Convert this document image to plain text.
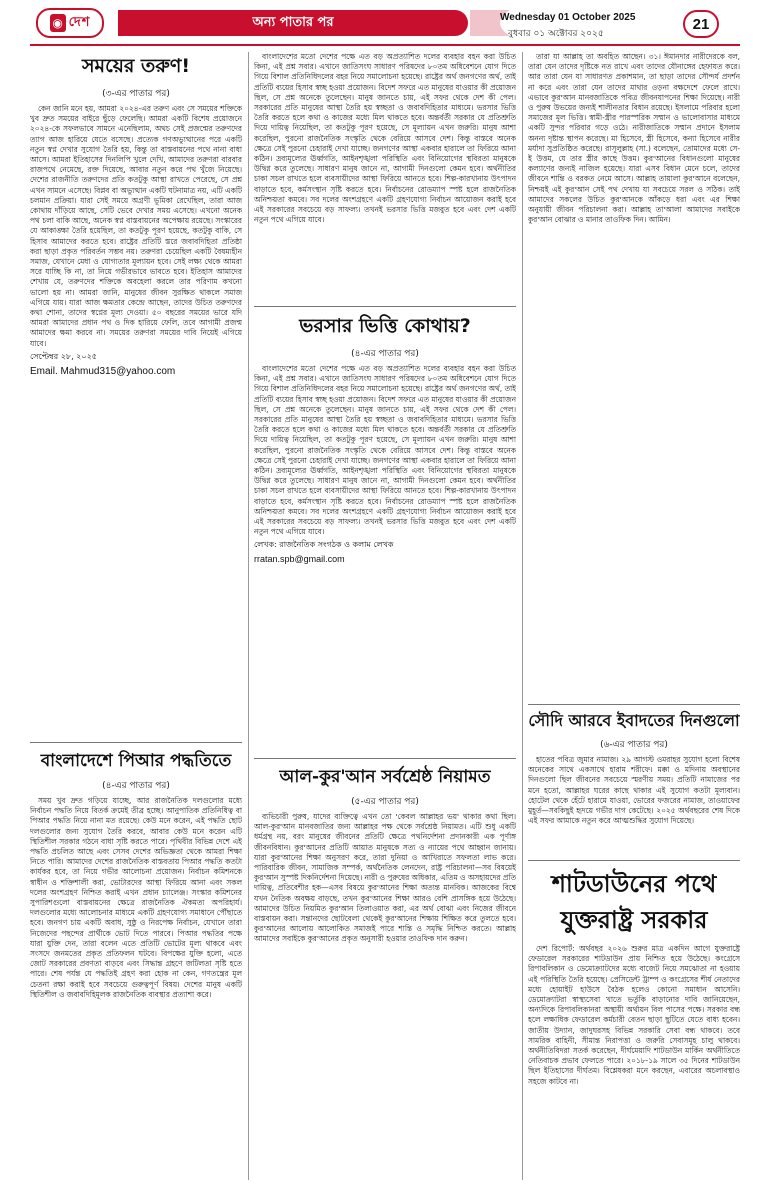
◉ দেশ	অন্য পাতার পর	Wednesday 01 October 2025
বুধবার ০১ অক্টোবর ২০২৫
21
সময়ের তরুণ!
(৩-এর পাতার পর)

কেন জানি মনে হয়, আমরা ২০২৪-এর তরুণ এবং সে সময়ের শক্তিকে খুব দ্রুত সময়ের বাইরে ছুঁড়ে ফেলেছি। আমরা একটি বিশেষ প্রয়োজনে ২০২৪-কে সফলভাবে সামনে এনেছিলাম, অথচ সেই প্রজন্মের তরুণদের ত্যাগ আজ হারিয়ে যেতে বসেছে। প্রত্যেক গণঅভ্যুত্থানের পরে একটি নতুন স্বপ্ন দেখার সুযোগ তৈরি হয়, কিন্তু তা বাস্তবায়নের পথে নানা বাধা আসে। আমরা ইতিহাসের দিনলিপি খুলে দেখি, আমাদের তরুণরা বারবার রাজপথে নেমেছে, রক্ত দিয়েছে, আবার নতুন করে পথ খুঁজে নিয়েছে। দেশের রাজনীতি তরুণদের প্রতি কতটুকু আস্থা রাখতে পেরেছে, সে প্রশ্ন এখন সামনে এসেছে। বিপ্লব বা অভ্যুত্থান একটি ঘটনামাত্র নয়, এটি একটি চলমান প্রক্রিয়া। যারা সেই সময়ে অগ্রণী ভূমিকা রেখেছিল, তারা আজ কোথায় দাঁড়িয়ে আছে, সেটি ভেবে দেখার সময় এসেছে। এখনো অনেক পথ চলা বাকি আছে, অনেক স্বপ্ন বাস্তবায়নের অপেক্ষায় রয়েছে। সংস্কারের যে আকাঙ্ক্ষা তৈরি হয়েছিল, তা কতটুকু পূরণ হয়েছে, কতটুকু বাকি, সে হিসাব আমাদের করতে হবে। রাষ্ট্রের প্রতিটি স্তরে জবাবদিহিতা প্রতিষ্ঠা করা ছাড়া প্রকৃত পরিবর্তন সম্ভব নয়। তরুণরা চেয়েছিল একটি বৈষম্যহীন সমাজ, যেখানে মেধা ও যোগ্যতার মূল্যায়ন হবে। সেই লক্ষ্য থেকে আমরা সরে যাচ্ছি কি না, তা নিয়ে গভীরভাবে ভাবতে হবে। ইতিহাস আমাদের শেখায় যে, তরুণদের শক্তিকে অবহেলা করলে তার পরিণাম কখনো ভালো হয় না। আমরা জানি, মানুষের জীবন সুরক্ষিত থাকলে সমাজ এগিয়ে যায়। যারা আজ ক্ষমতার কেন্দ্রে আছেন, তাদের উচিত তরুণদের কথা শোনা, তাদের স্বপ্নের মূল্য দেওয়া। ৫০ বছরের সময়ের ভারে যদি আমরা আমাদের প্রধান পথ ও দিক হারিয়ে ফেলি, তবে আগামী প্রজন্ম আমাদের ক্ষমা করবে না। সময়ের তরুণরা সময়ের দাবি নিয়েই এগিয়ে যাবে।

সেপ্টেম্বর ২৮, ২০২৫
Email. Mahmud315@yahoo.com
বাংলাদেশে পিআর পদ্ধতিতে
(৪-এর পাতার পর)

সময় খুব দ্রুত গড়িয়ে যাচ্ছে, আর রাজনৈতিক দলগুলোর মধ্যে নির্বাচন পদ্ধতি নিয়ে বিতর্ক ক্রমেই তীব্র হচ্ছে। আনুপাতিক প্রতিনিধিত্ব বা পিআর পদ্ধতি নিয়ে নানা মত রয়েছে। কেউ মনে করেন, এই পদ্ধতি ছোট দলগুলোর জন্য সুযোগ তৈরি করবে, আবার কেউ মনে করেন এটি স্থিতিশীল সরকার গঠনে বাধা সৃষ্টি করতে পারে। পৃথিবীর বিভিন্ন দেশে এই পদ্ধতি প্রচলিত আছে এবং সেসব দেশের অভিজ্ঞতা থেকে আমরা শিক্ষা নিতে পারি। আমাদের দেশের রাজনৈতিক বাস্তবতায় পিআর পদ্ধতি কতটা কার্যকর হবে, তা নিয়ে গভীর আলোচনা প্রয়োজন। নির্বাচন কমিশনকে স্বাধীন ও শক্তিশালী করা, ভোটারদের আস্থা ফিরিয়ে আনা এবং সকল দলের অংশগ্রহণ নিশ্চিত করাই এখন প্রধান চ্যালেঞ্জ। সংস্কার কমিশনের সুপারিশগুলো বাস্তবায়নের ক্ষেত্রে রাজনৈতিক ঐকমত্য অপরিহার্য। দলগুলোর মধ্যে আলোচনার মাধ্যমে একটি গ্রহণযোগ্য সমাধানে পৌঁছাতে হবে। জনগণ চায় একটি অবাধ, সুষ্ঠু ও নিরপেক্ষ নির্বাচন, যেখানে তারা নিজেদের পছন্দের প্রার্থীকে ভোট দিতে পারবে। পিআর পদ্ধতির পক্ষে যারা যুক্তি দেন, তারা বলেন এতে প্রতিটি ভোটের মূল্য থাকবে এবং সংসদে জনমতের প্রকৃত প্রতিফলন ঘটবে। বিপক্ষের যুক্তি হলো, এতে জোট সরকারের প্রবণতা বাড়বে এবং সিদ্ধান্ত গ্রহণে জটিলতা সৃষ্টি হতে পারে। শেষ পর্যন্ত যে পদ্ধতিই গ্রহণ করা হোক না কেন, গণতন্ত্রের মূল চেতনা রক্ষা করাই হবে সবচেয়ে গুরুত্বপূর্ণ বিষয়। দেশের মানুষ একটি স্থিতিশীল ও জবাবদিহিমূলক রাজনৈতিক ব্যবস্থার প্রত্যাশা করে।

ভরসার ভিত্তি কোথায়?
(৪-এর পাতার পর)

বাংলাদেশের মতো দেশের পক্ষে এত বড় অপ্রত্যাশিত দলের ব্যবহার বহন করা উচিত কিনা, এই প্রশ্ন সবার। এখানে জাতিসংঘ সাধারণ পরিষদের ৮০তম অধিবেশনে যোগ দিতে গিয়ে বিশাল প্রতিনিধিদলের বহর নিয়ে সমালোচনা হয়েছে। রাষ্ট্রের অর্থ জনগণের অর্থ, তাই প্রতিটি ব্যয়ের হিসাব স্বচ্ছ হওয়া প্রয়োজন। বিদেশ সফরে এত মানুষের যাওয়ার কী প্রয়োজন ছিল, সে প্রশ্ন অনেকে তুলেছেন। মানুষ জানতে চায়, এই সফর থেকে দেশ কী পেল। সরকারের প্রতি মানুষের আস্থা তৈরি হয় স্বচ্ছতা ও জবাবদিহিতার মাধ্যমে। ভরসার ভিত্তি তৈরি করতে হলে কথা ও কাজের মধ্যে মিল থাকতে হবে। অন্তর্বর্তী সরকার যে প্রতিশ্রুতি দিয়ে দায়িত্ব নিয়েছিল, তা কতটুকু পূরণ হয়েছে, সে মূল্যায়ন এখন জরুরি। মানুষ আশা করেছিল, পুরনো রাজনৈতিক সংস্কৃতি থেকে বেরিয়ে আসবে দেশ। কিন্তু বাস্তবে অনেক ক্ষেত্রে সেই পুরনো চেহারাই দেখা যাচ্ছে। জনগণের আস্থা একবার হারালে তা ফিরিয়ে আনা কঠিন। দ্রব্যমূল্যের ঊর্ধ্বগতি, আইনশৃঙ্খলা পরিস্থিতি এবং বিনিয়োগের স্থবিরতা মানুষকে উদ্বিগ্ন করে তুলেছে। সাধারণ মানুষ জানে না, আগামী দিনগুলো কেমন হবে। অর্থনীতির চাকা সচল রাখতে হলে ব্যবসায়ীদের আস্থা ফিরিয়ে আনতে হবে। শিল্প-কারখানায় উৎপাদন বাড়াতে হবে, কর্মসংস্থান সৃষ্টি করতে হবে। নির্বাচনের রোডম্যাপ স্পষ্ট হলে রাজনৈতিক অনিশ্চয়তা কমবে। সব দলের অংশগ্রহণে একটি গ্রহণযোগ্য নির্বাচন আয়োজন করাই হবে এই সরকারের সবচেয়ে বড় সাফল্য। তখনই ভরসার ভিত্তি মজবুত হবে এবং দেশ একটি নতুন পথে এগিয়ে যাবে।

লেখক: রাজনৈতিক সংগঠক ও কলাম লেখক
rratan.spb@gmail.com

বাংলাদেশের মতো দেশের পক্ষে এত বড় অপ্রত্যাশিত দলের ব্যবহার বহন করা উচিত কিনা, এই প্রশ্ন সবার। এখানে জাতিসংঘ সাধারণ পরিষদের ৮০তম অধিবেশনে যোগ দিতে গিয়ে বিশাল প্রতিনিধিদলের বহর নিয়ে সমালোচনা হয়েছে। রাষ্ট্রের অর্থ জনগণের অর্থ, তাই প্রতিটি ব্যয়ের হিসাব স্বচ্ছ হওয়া প্রয়োজন। বিদেশ সফরে এত মানুষের যাওয়ার কী প্রয়োজন ছিল, সে প্রশ্ন অনেকে তুলেছেন। মানুষ জানতে চায়, এই সফর থেকে দেশ কী পেল। সরকারের প্রতি মানুষের আস্থা তৈরি হয় স্বচ্ছতা ও জবাবদিহিতার মাধ্যমে। ভরসার ভিত্তি তৈরি করতে হলে কথা ও কাজের মধ্যে মিল থাকতে হবে। অন্তর্বর্তী সরকার যে প্রতিশ্রুতি দিয়ে দায়িত্ব নিয়েছিল, তা কতটুকু পূরণ হয়েছে, সে মূল্যায়ন এখন জরুরি। মানুষ আশা করেছিল, পুরনো রাজনৈতিক সংস্কৃতি থেকে বেরিয়ে আসবে দেশ। কিন্তু বাস্তবে অনেক ক্ষেত্রে সেই পুরনো চেহারাই দেখা যাচ্ছে। জনগণের আস্থা একবার হারালে তা ফিরিয়ে আনা কঠিন। দ্রব্যমূল্যের ঊর্ধ্বগতি, আইনশৃঙ্খলা পরিস্থিতি এবং বিনিয়োগের স্থবিরতা মানুষকে উদ্বিগ্ন করে তুলেছে। সাধারণ মানুষ জানে না, আগামী দিনগুলো কেমন হবে। অর্থনীতির চাকা সচল রাখতে হলে ব্যবসায়ীদের আস্থা ফিরিয়ে আনতে হবে। শিল্প-কারখানায় উৎপাদন বাড়াতে হবে, কর্মসংস্থান সৃষ্টি করতে হবে। নির্বাচনের রোডম্যাপ স্পষ্ট হলে রাজনৈতিক অনিশ্চয়তা কমবে। সব দলের অংশগ্রহণে একটি গ্রহণযোগ্য নির্বাচন আয়োজন করাই হবে এই সরকারের সবচেয়ে বড় সাফল্য। তখনই ভরসার ভিত্তি মজবুত হবে এবং দেশ একটি নতুন পথে এগিয়ে যাবে।

আল-কুর'আন সর্বশ্রেষ্ঠ নিয়ামত
(৫-এর পাতার পর)

ব্যভিচারী পুরুষ, যাদের ব্যক্তিত্বে এখন তো 'কেবল আল্লাহর ভয়' থাকার কথা ছিল। আল-কুর'আন মানবজাতির জন্য আল্লাহর পক্ষ থেকে সর্বশ্রেষ্ঠ নিয়ামত। এটি শুধু একটি ধর্মগ্রন্থ নয়, বরং মানুষের জীবনের প্রতিটি ক্ষেত্রে পথনির্দেশনা প্রদানকারী এক পূর্ণাঙ্গ জীবনবিধান। কুর'আনের প্রতিটি আয়াত মানুষকে সত্য ও ন্যায়ের পথে আহ্বান জানায়। যারা কুর'আনের শিক্ষা অনুসরণ করে, তারা দুনিয়া ও আখিরাতে সফলতা লাভ করে। পারিবারিক জীবন, সামাজিক সম্পর্ক, অর্থনৈতিক লেনদেন, রাষ্ট্র পরিচালনা—সব বিষয়েই কুর'আন সুস্পষ্ট দিকনির্দেশনা দিয়েছে। নারী ও পুরুষের অধিকার, এতিম ও অসহায়দের প্রতি দায়িত্ব, প্রতিবেশীর হক—এসব বিষয়ে কুর'আনের শিক্ষা অত্যন্ত মানবিক। আজকের বিশ্বে যখন নৈতিক অবক্ষয় বাড়ছে, তখন কুর'আনের শিক্ষা আরও বেশি প্রাসঙ্গিক হয়ে উঠেছে। আমাদের উচিত নিয়মিত কুর'আন তিলাওয়াত করা, এর অর্থ বোঝা এবং নিজের জীবনে বাস্তবায়ন করা। সন্তানদের ছোটবেলা থেকেই কুর'আনের শিক্ষায় শিক্ষিত করে তুলতে হবে। কুর'আনের আলোয় আলোকিত সমাজই পারে শান্তি ও সমৃদ্ধি নিশ্চিত করতে। আল্লাহ আমাদের সবাইকে কুর'আনের প্রকৃত অনুসারী হওয়ার তাওফিক দান করুন।

তারা যা আল্লাহ তা অবহিত আছেন। ৩১। ঈমানদার নারীদেরকে বল, তারা যেন তাদের দৃষ্টিকে নত রাখে এবং তাদের যৌনাঙ্গের হেফাযত করে। আর তারা যেন যা সাধারণত প্রকাশমান, তা ছাড়া তাদের সৌন্দর্য প্রদর্শন না করে এবং তারা যেন তাদের মাথার ওড়না বক্ষদেশে ফেলে রাখে। এভাবে কুর'আন মানবজাতিকে পবিত্র জীবনযাপনের শিক্ষা দিয়েছে। নারী ও পুরুষ উভয়ের জন্যই শালীনতার বিধান রয়েছে। ইসলামে পরিবার হলো সমাজের মূল ভিত্তি। স্বামী-স্ত্রীর পারস্পরিক সম্মান ও ভালোবাসার মাধ্যমে একটি সুন্দর পরিবার গড়ে ওঠে। নারীজাতিকে সম্মান প্রদানে ইসলাম অনন্য দৃষ্টান্ত স্থাপন করেছে। মা হিসেবে, স্ত্রী হিসেবে, কন্যা হিসেবে নারীর মর্যাদা সুপ্রতিষ্ঠিত করেছে। রাসূলুল্লাহ (সা.) বলেছেন, তোমাদের মধ্যে সে-ই উত্তম, যে তার স্ত্রীর কাছে উত্তম। কুর'আনের বিধানগুলো মানুষের কল্যাণের জন্যই নাজিল হয়েছে। যারা এসব বিধান মেনে চলে, তাদের জীবনে শান্তি ও বরকত নেমে আসে। আল্লাহ তায়ালা কুর'আনে বলেছেন, নিশ্চয়ই এই কুর'আন সেই পথ দেখায় যা সবচেয়ে সরল ও সঠিক। তাই আমাদের সকলের উচিত কুর'আনকে আঁকড়ে ধরা এবং এর শিক্ষা অনুযায়ী জীবন পরিচালনা করা। আল্লাহ তা'আলা আমাদের সবাইকে কুর'আন বোঝার ও মানার তাওফিক দিন। আমিন।

সৌদি আরবে ইবাদতের দিনগুলো
(৬-এর পাতার পর)

হাতের পবিত্র জুমার নামাজ। ২৯ আগস্ট ওমরাহর সুযোগ হলো বিশেষ অনেকের সাথে একসাথে হারাম শরীফে। মক্কা ও মদিনায় অবস্থানের দিনগুলো ছিল জীবনের সবচেয়ে স্মরণীয় সময়। প্রতিটি নামাজের পর মনে হতো, আল্লাহর ঘরের কাছে থাকার এই সুযোগ কতটা মূল্যবান। হোটেল থেকে হেঁটে হারামে যাওয়া, ভোরের ফজরের নামাজ, তাওয়াফের মুহূর্ত—সবকিছুই হৃদয়ে গভীর দাগ কেটেছে। ২০২৫ অর্থবছরের শেষ দিকে এই সফর আমাকে নতুন করে আত্মশুদ্ধির সুযোগ দিয়েছে।

শাটডাউনের পথে যুক্তরাষ্ট্র সরকার

দেশ রিপোর্ট: অর্থবছর ২০২৬ শুরুর মাত্র একদিন আগে যুক্তরাষ্ট্রে ফেডারেল সরকারের শাটডাউন প্রায় নিশ্চিত হয়ে উঠেছে। কংগ্রেসে রিপাবলিকান ও ডেমোক্র্যাটদের মধ্যে বাজেট নিয়ে সমঝোতা না হওয়ায় এই পরিস্থিতি তৈরি হয়েছে। প্রেসিডেন্ট ট্রাম্প ও কংগ্রেসের শীর্ষ নেতাদের মধ্যে হোয়াইট হাউসে বৈঠক হলেও কোনো সমাধান আসেনি। ডেমোক্র্যাটরা স্বাস্থ্যসেবা খাতে ভর্তুকি বাড়ানোর দাবি জানিয়েছেন, অন্যদিকে রিপাবলিকানরা অস্থায়ী অর্থায়ন বিল পাসের পক্ষে। সরকার বন্ধ হলে লক্ষাধিক ফেডারেল কর্মচারী বেতন ছাড়া ছুটিতে যেতে বাধ্য হবেন। জাতীয় উদ্যান, জাদুঘরসহ বিভিন্ন সরকারি সেবা বন্ধ থাকবে। তবে সামরিক বাহিনী, সীমান্ত নিরাপত্তা ও জরুরি সেবাসমূহ চালু থাকবে। অর্থনীতিবিদরা সতর্ক করেছেন, দীর্ঘমেয়াদি শাটডাউন মার্কিন অর্থনীতিতে নেতিবাচক প্রভাব ফেলতে পারে। ২০১৮-১৯ সালে ৩৫ দিনের শাটডাউন ছিল ইতিহাসের দীর্ঘতম। বিশ্লেষকরা মনে করছেন, এবারের অচলাবস্থাও সহজে কাটবে না।
